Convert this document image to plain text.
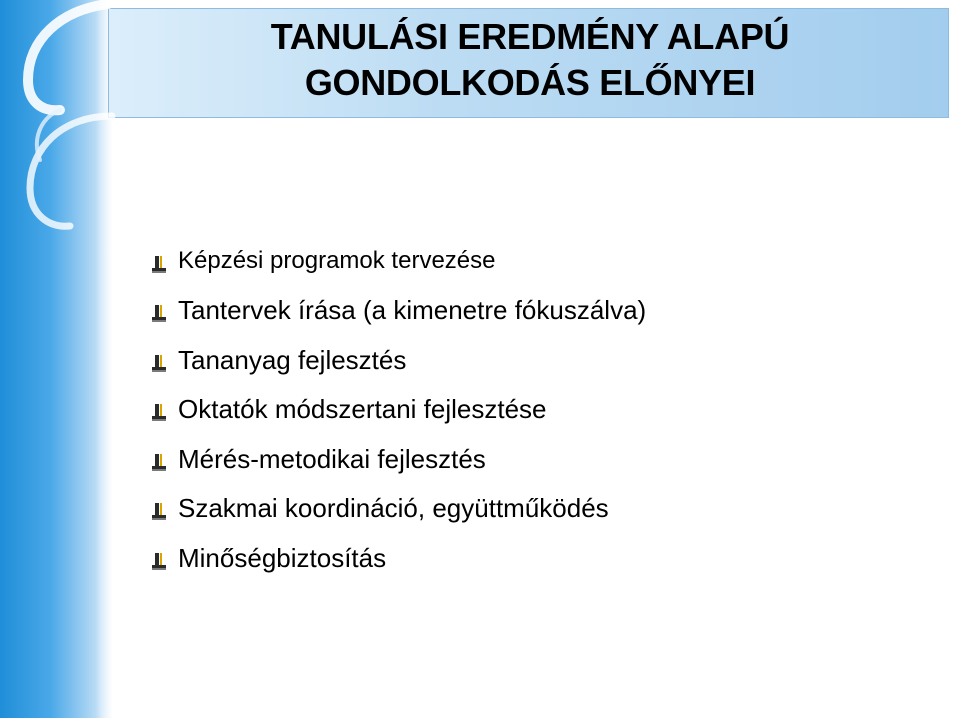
TANULÁSI EREDMÉNY ALAPÚ
GONDOLKODÁS ELŐNYEI
Képzési programok tervezése
Tantervek írása (a kimenetre fókuszálva)
Tananyag fejlesztés
Oktatók módszertani fejlesztése
Mérés-metodikai fejlesztés
Szakmai koordináció, együttműködés
Minőségbiztosítás
